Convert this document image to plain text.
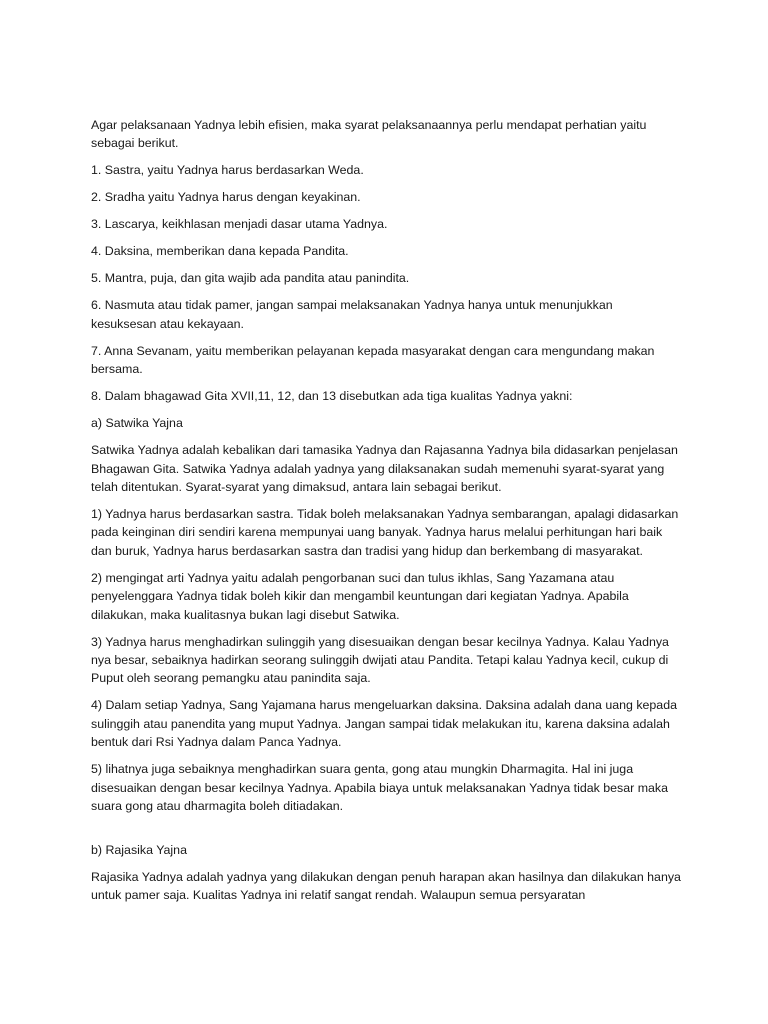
Agar pelaksanaan Yadnya lebih efisien, maka syarat pelaksanaannya perlu mendapat perhatian yaitu sebagai berikut.

1. Sastra, yaitu Yadnya harus berdasarkan Weda.

2. Sradha yaitu Yadnya harus dengan keyakinan.

3. Lascarya, keikhlasan menjadi dasar utama Yadnya.

4. Daksina, memberikan dana kepada Pandita.

5. Mantra, puja, dan gita wajib ada pandita atau panindita.

6. Nasmuta atau tidak pamer, jangan sampai melaksanakan Yadnya hanya untuk menunjukkan kesuksesan atau kekayaan.

7. Anna Sevanam, yaitu memberikan pelayanan kepada masyarakat dengan cara mengundang makan bersama.

8. Dalam bhagawad Gita XVII,11, 12, dan 13 disebutkan ada tiga kualitas Yadnya yakni:

a) Satwika Yajna

Satwika Yadnya adalah kebalikan dari tamasika Yadnya dan Rajasanna Yadnya bila didasarkan penjelasan Bhagawan Gita. Satwika Yadnya adalah yadnya yang dilaksanakan sudah memenuhi syarat-syarat yang telah ditentukan. Syarat-syarat yang dimaksud, antara lain sebagai berikut.

1) Yadnya harus berdasarkan sastra. Tidak boleh melaksanakan Yadnya sembarangan, apalagi didasarkan pada keinginan diri sendiri karena mempunyai uang banyak. Yadnya harus melalui perhitungan hari baik dan buruk, Yadnya harus berdasarkan sastra dan tradisi yang hidup dan berkembang di masyarakat.

2) mengingat arti Yadnya yaitu adalah pengorbanan suci dan tulus ikhlas, Sang Yazamana atau penyelenggara Yadnya tidak boleh kikir dan mengambil keuntungan dari kegiatan Yadnya. Apabila dilakukan, maka kualitasnya bukan lagi disebut Satwika.

3) Yadnya harus menghadirkan sulinggih yang disesuaikan dengan besar kecilnya Yadnya. Kalau Yadnya nya besar, sebaiknya hadirkan seorang sulinggih dwijati atau Pandita. Tetapi kalau Yadnya kecil, cukup di Puput oleh seorang pemangku atau panindita saja.

4) Dalam setiap Yadnya, Sang Yajamana harus mengeluarkan daksina. Daksina adalah dana uang kepada sulinggih atau panendita yang muput Yadnya. Jangan sampai tidak melakukan itu, karena daksina adalah bentuk dari Rsi Yadnya dalam Panca Yadnya.

5) lihatnya juga sebaiknya menghadirkan suara genta, gong atau mungkin Dharmagita. Hal ini juga disesuaikan dengan besar kecilnya Yadnya. Apabila biaya untuk melaksanakan Yadnya tidak besar maka suara gong atau dharmagita boleh ditiadakan.

b) Rajasika Yajna

Rajasika Yadnya adalah yadnya yang dilakukan dengan penuh harapan akan hasilnya dan dilakukan hanya untuk pamer saja. Kualitas Yadnya ini relatif sangat rendah. Walaupun semua persyaratan
